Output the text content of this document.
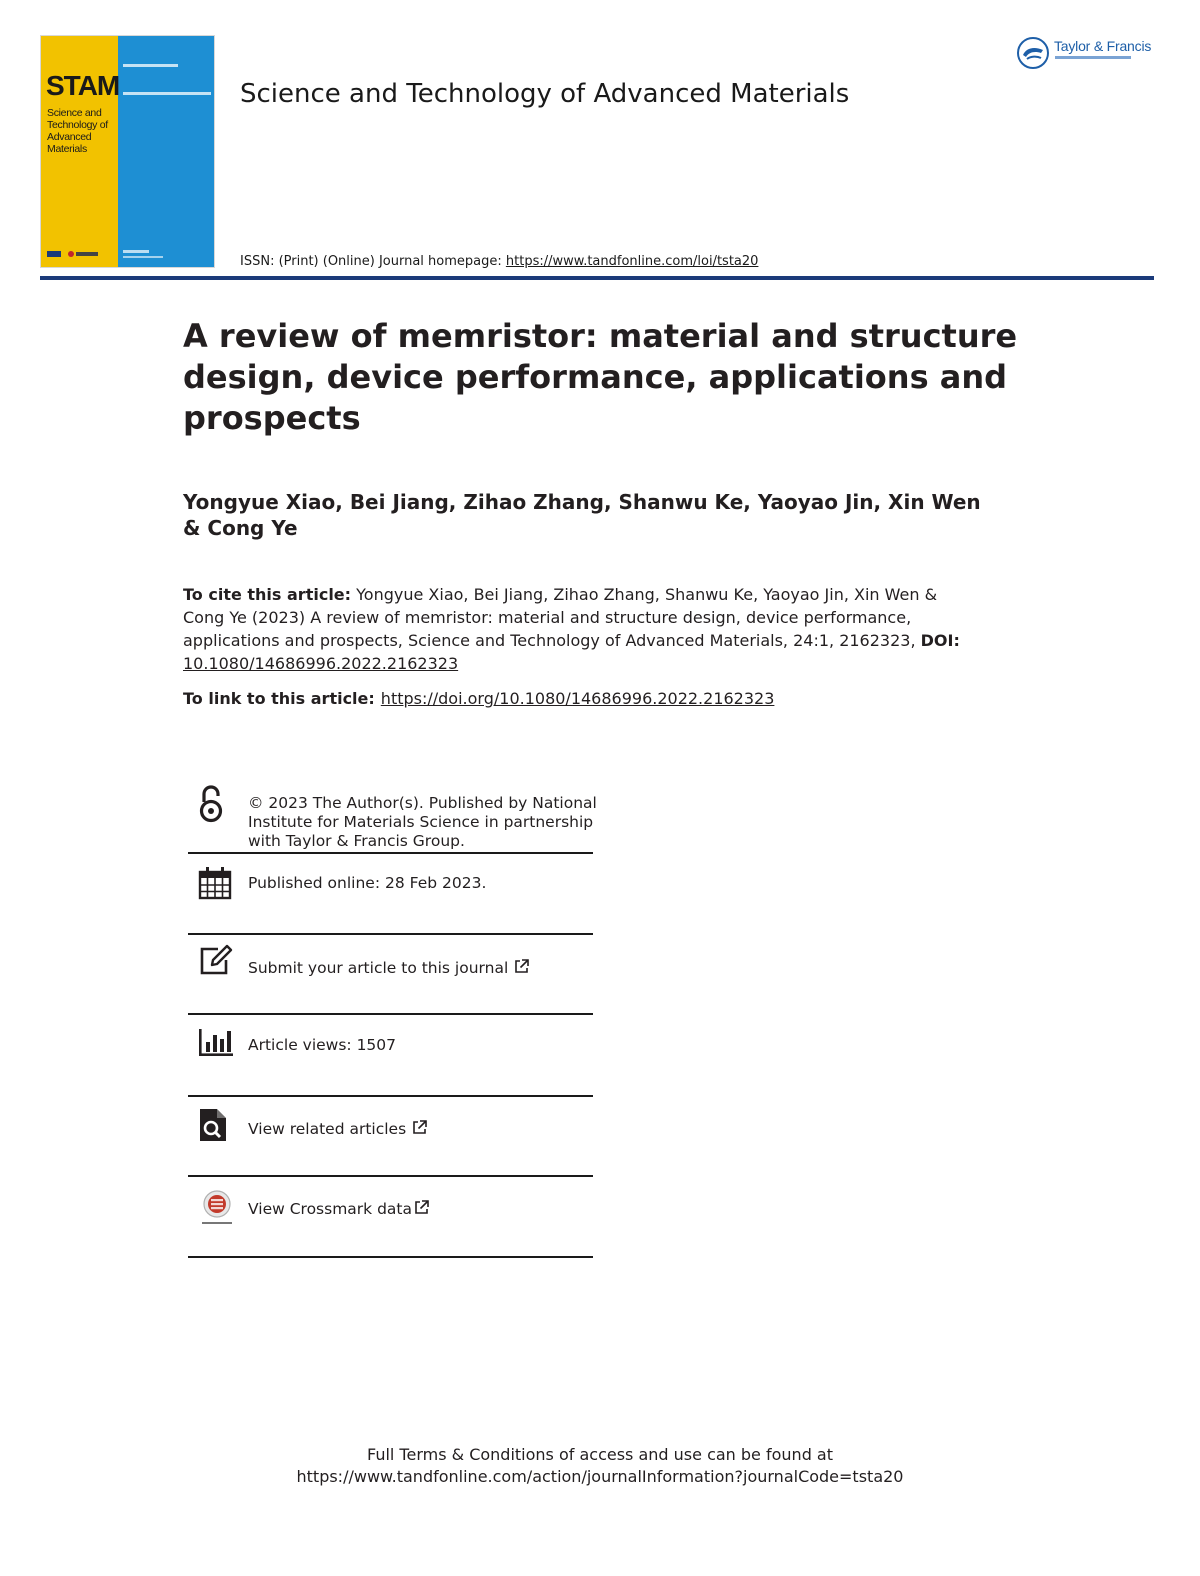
STAM
Science and Technology of Advanced Materials
Science and Technology of Advanced Materials
ISSN: (Print) (Online) Journal homepage: https://www.tandfonline.com/loi/tsta20
Taylor & Francis
A review of memristor: material and structure design, device performance, applications and prospects
Yongyue Xiao, Bei Jiang, Zihao Zhang, Shanwu Ke, Yaoyao Jin, Xin Wen & Cong Ye
To cite this article: Yongyue Xiao, Bei Jiang, Zihao Zhang, Shanwu Ke, Yaoyao Jin, Xin Wen & Cong Ye (2023) A review of memristor: material and structure design, device performance, applications and prospects, Science and Technology of Advanced Materials, 24:1, 2162323, DOI: 10.1080/14686996.2022.2162323
To link to this article: https://doi.org/10.1080/14686996.2022.2162323
© 2023 The Author(s). Published by National
Institute for Materials Science in partnership
with Taylor & Francis Group.
Published online: 28 Feb 2023.
Submit your article to this journal
Article views: 1507
View related articles
View Crossmark data
Full Terms & Conditions of access and use can be found at
https://www.tandfonline.com/action/journalInformation?journalCode=tsta20
